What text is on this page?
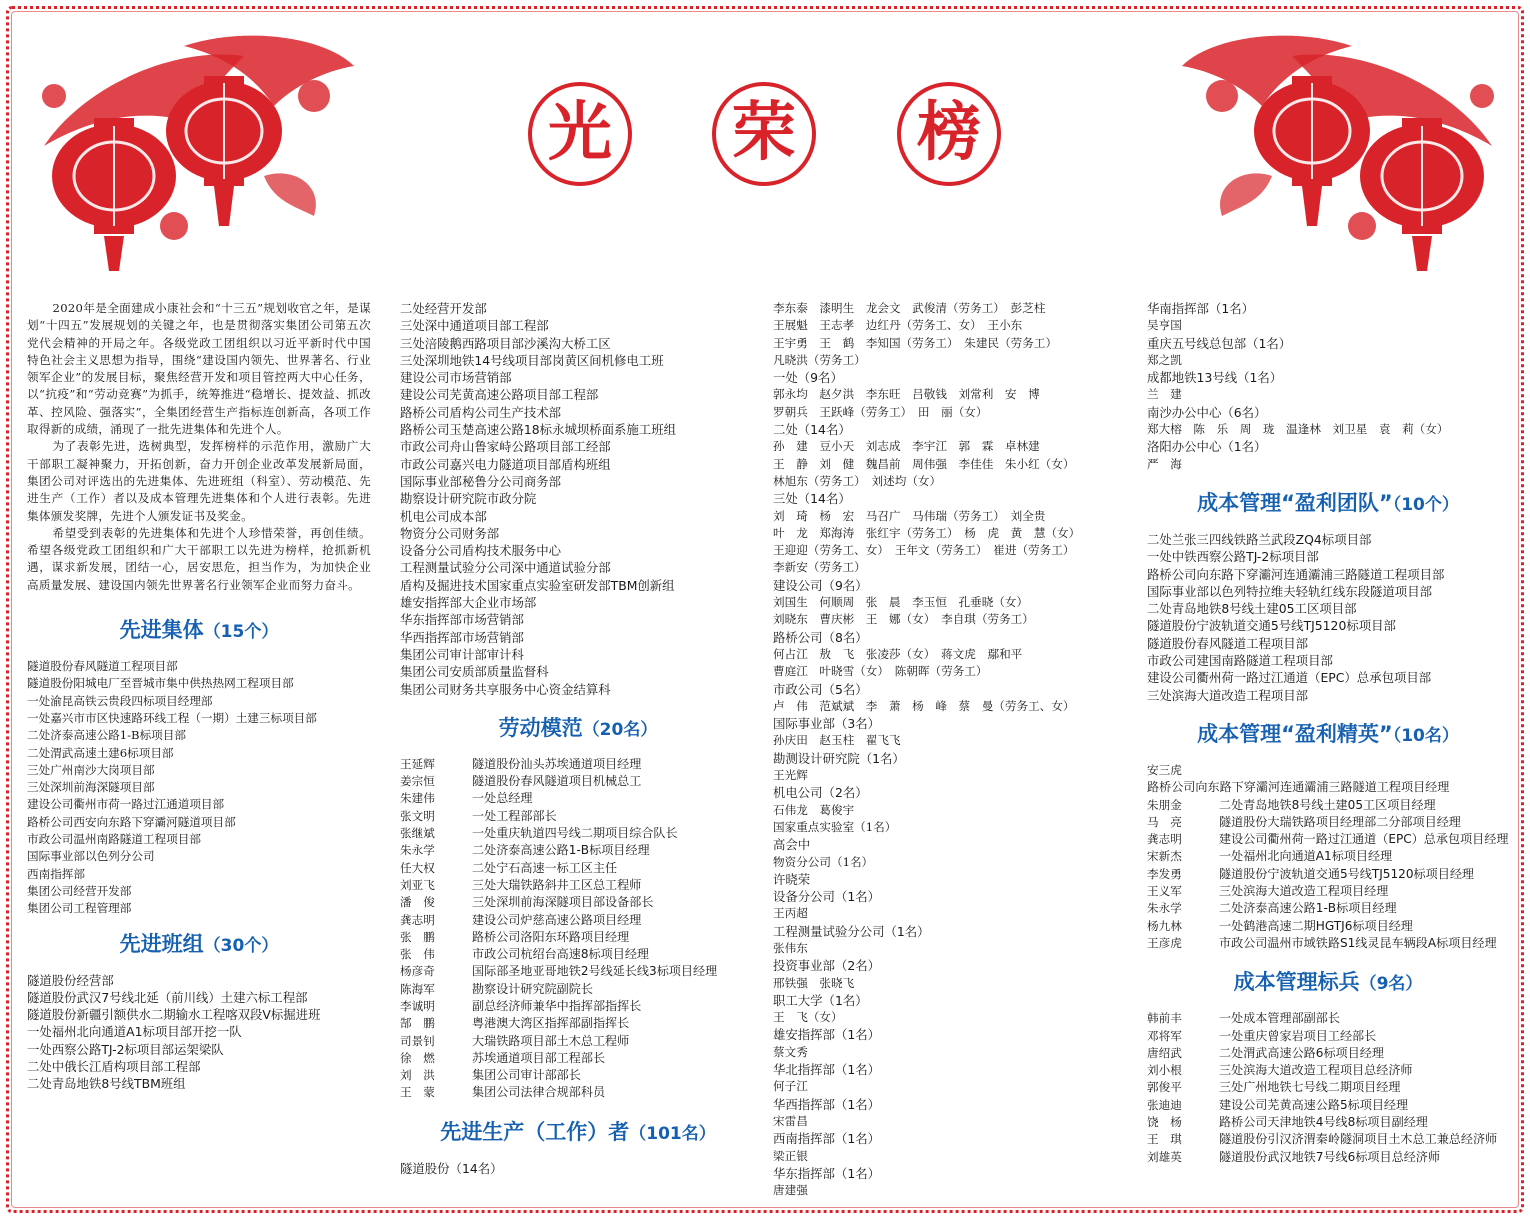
光	荣	榜

2020年是全面建成小康社会和“十三五”规划收官之年，是谋划“十四五”发展规划的关键之年，也是贯彻落实集团公司第五次党代会精神的开局之年。各级党政工团组织以习近平新时代中国特色社会主义思想为指导，围绕“建设国内领先、世界著名、行业领军企业”的发展目标，聚焦经营开发和项目管控两大中心任务，以“抗疫”和“劳动竞赛”为抓手，统筹推进“稳增长、提效益、抓改革、控风险、强落实”，全集团经营生产指标连创新高，各项工作取得新的成绩，涌现了一批先进集体和先进个人。

为了表彰先进，选树典型，发挥榜样的示范作用，激励广大干部职工凝神聚力，开拓创新，奋力开创企业改革发展新局面，集团公司对评选出的先进集体、先进班组（科室）、劳动模范、先进生产（工作）者以及成本管理先进集体和个人进行表彰。先进集体颁发奖牌，先进个人颁发证书及奖金。

希望受到表彰的先进集体和先进个人珍惜荣誉，再创佳绩。希望各级党政工团组织和广大干部职工以先进为榜样，抢抓新机遇，谋求新发展，团结一心，居安思危，担当作为，为加快企业高质量发展、建设国内领先世界著名行业领军企业而努力奋斗。

先进集体（15个）
隧道股份春风隧道工程项目部
隧道股份阳城电厂至晋城市集中供热热网工程项目部
一处渝昆高铁云贵段四标项目经理部
一处嘉兴市市区快速路环线工程（一期）土建三标项目部
二处济泰高速公路1-B标项目部
二处渭武高速土建6标项目部
三处广州南沙大岗项目部
三处深圳前海深隧项目部
建设公司衢州市荷一路过江通道项目部
路桥公司西安向东路下穿灞河隧道项目部
市政公司温州南路隧道工程项目部
国际事业部以色列分公司
西南指挥部
集团公司经营开发部
集团公司工程管理部
先进班组（30个）
隧道股份经营部
隧道股份武汉7号线北延（前川线）土建六标工程部
隧道股份新疆引额供水二期输水工程喀双段Ⅴ标掘进班
一处福州北向通道A1标项目部开挖一队
一处西察公路TJ-2标项目部运架梁队
二处中俄长江盾构项目部工程部
二处青岛地铁8号线TBM班组
二处经营开发部
三处深中通道项目部工程部
三处涪陵鹅西路项目部沙溪沟大桥工区
三处深圳地铁14号线项目部岗黄区间机修电工班
建设公司市场营销部
建设公司芜黄高速公路项目部工程部
路桥公司盾构公司生产技术部
路桥公司玉楚高速公路18标永城坝桥面系施工班组
市政公司舟山鲁家峙公路项目部工经部
市政公司嘉兴电力隧道项目部盾构班组
国际事业部秘鲁分公司商务部
勘察设计研究院市政分院
机电公司成本部
物资分公司财务部
设备分公司盾构技术服务中心
工程测量试验分公司深中通道试验分部
盾构及掘进技术国家重点实验室研发部TBM创新组
雄安指挥部大企业市场部
华东指挥部市场营销部
华西指挥部市场营销部
集团公司审计部审计科
集团公司安质部质量监督科
集团公司财务共享服务中心资金结算科
劳动模范（20名）
王延辉	隧道股份汕头苏埃通道项目经理
姜宗恒	隧道股份春风隧道项目机械总工
朱建伟	一处总经理
张文明	一处工程部部长
张继斌	一处重庆轨道四号线二期项目综合队长
朱永学	二处济泰高速公路1-B标项目经理
任大权	二处宁石高速一标工区主任
刘亚飞	三处大瑞铁路斜井工区总工程师
潘　俊	三处深圳前海深隧项目部设备部长
龚志明	建设公司炉慈高速公路项目经理
张　鹏	路桥公司洛阳东环路项目经理
张　伟	市政公司杭绍台高速8标项目经理
杨彦奇	国际部圣地亚哥地铁2号线延长线3标项目经理
陈海军	勘察设计研究院副院长
李诚明	副总经济师兼华中指挥部指挥长
郜　鹏	粤港澳大湾区指挥部副指挥长
司景钊	大瑞铁路项目部土木总工程师
徐　燃	苏埃通道项目部工程部长
刘　洪	集团公司审计部部长
王　蒙	集团公司法律合规部科员
先进生产（工作）者（101名）
隧道股份（14名）
李东泰　漆明生　龙会文　武俊清（劳务工）　彭芝柱
王展魁　王志孝　边红丹（劳务工、女）　王小东
王宇勇　王　鹤　李知国（劳务工）　朱建民（劳务工）
凡晓洪（劳务工）
一处（9名）
郭永均　赵夕洪　李东旺　吕敬钱　刘常利　安　博
罗朝兵　王跃峰（劳务工）　田　丽（女）
二处（14名）
孙　建　豆小天　刘志成　李宇江　郭　霖　卓林建
王　静　刘　健　魏昌前　周伟强　李佳佳　朱小红（女）
林旭东（劳务工）　刘述均（女）
三处（14名）
刘　琦　杨　宏　马召广　马伟瑞（劳务工）　刘全贵
叶　龙　郑海涛　张红宇（劳务工）　杨　虎　黄　慧（女）
王迎迎（劳务工、女）　王年文（劳务工）　崔进（劳务工）
李新安（劳务工）
建设公司（9名）
刘国生　何顺周　张　晨　李玉恒　孔垂晓（女）
刘晓东　曹庆彬　王　娜（女）　李自琪（劳务工）
路桥公司（8名）
何占江　敖　飞　张凌莎（女）　蒋文虎　鄢和平
曹庭江　叶晓雪（女）　陈朝晖（劳务工）
市政公司（5名）
卢　伟　范斌斌　李　萧　杨　峰　蔡　曼（劳务工、女）
国际事业部（3名）
孙庆田　赵玉柱　翟飞飞
勘测设计研究院（1名）
王光辉
机电公司（2名）
石伟龙　葛俊宇
国家重点实验室（1名）
高会中
物资分公司（1名）
许晓荣
设备分公司（1名）
王丙超
工程测量试验分公司（1名）
张伟东
投资事业部（2名）
邢铁强　张晓飞
职工大学（1名）
王　飞（女）
雄安指挥部（1名）
蔡文秀
华北指挥部（1名）
何子江
华西指挥部（1名）
宋雷昌
西南指挥部（1名）
梁正银
华东指挥部（1名）
唐建强
华南指挥部（1名）
吴亨国
重庆五号线总包部（1名）
郑之凯
成都地铁13号线（1名）
兰　建
南沙办公中心（6名）
郑大榕　陈　乐　周　珑　温逢林　刘卫星　袁　莉（女）
洛阳办公中心（1名）
严　海
成本管理“盈利团队”（10个）
二处兰张三四线铁路兰武段ZQ4标项目部
一处中铁西察公路TJ-2标项目部
路桥公司向东路下穿灞河连通灞浦三路隧道工程项目部
国际事业部以色列特拉维夫轻轨红线东段隧道项目部
二处青岛地铁8号线土建05工区项目部
隧道股份宁波轨道交通5号线TJ5120标项目部
隧道股份春风隧道工程项目部
市政公司建国南路隧道工程项目部
建设公司衢州荷一路过江通道（EPC）总承包项目部
三处滨海大道改造工程项目部
成本管理“盈利精英”（10名）
安三虎
路桥公司向东路下穿灞河连通灞浦三路隧道工程项目经理
朱朋金	二处青岛地铁8号线土建05工区项目经理
马　亮	隧道股份大瑞铁路项目经理部二分部项目经理
龚志明	建设公司衢州荷一路过江通道（EPC）总承包项目经理
宋新杰	一处福州北向通道A1标项目经理
李发勇	隧道股份宁波轨道交通5号线TJ5120标项目经理
王义军	三处滨海大道改造工程项目经理
朱永学	二处济泰高速公路1-B标项目经理
杨九林	一处鹤港高速二期HGTJ6标项目经理
王彦虎	市政公司温州市域铁路S1线灵昆车辆段A标项目经理
成本管理标兵（9名）
韩前丰	一处成本管理部副部长
邓将军	一处重庆曾家岩项目工经部长
唐绍武	二处渭武高速公路6标项目经理
刘小根	三处滨海大道改造工程项目总经济师
郭俊平	三处广州地铁七号线二期项目经理
张迪迪	建设公司芜黄高速公路5标项目经理
饶　杨	路桥公司天津地铁4号线8标项目副经理
王　琪	隧道股份引汉济渭秦岭隧洞项目土木总工兼总经济师
刘雄英	隧道股份武汉地铁7号线6标项目总经济师
